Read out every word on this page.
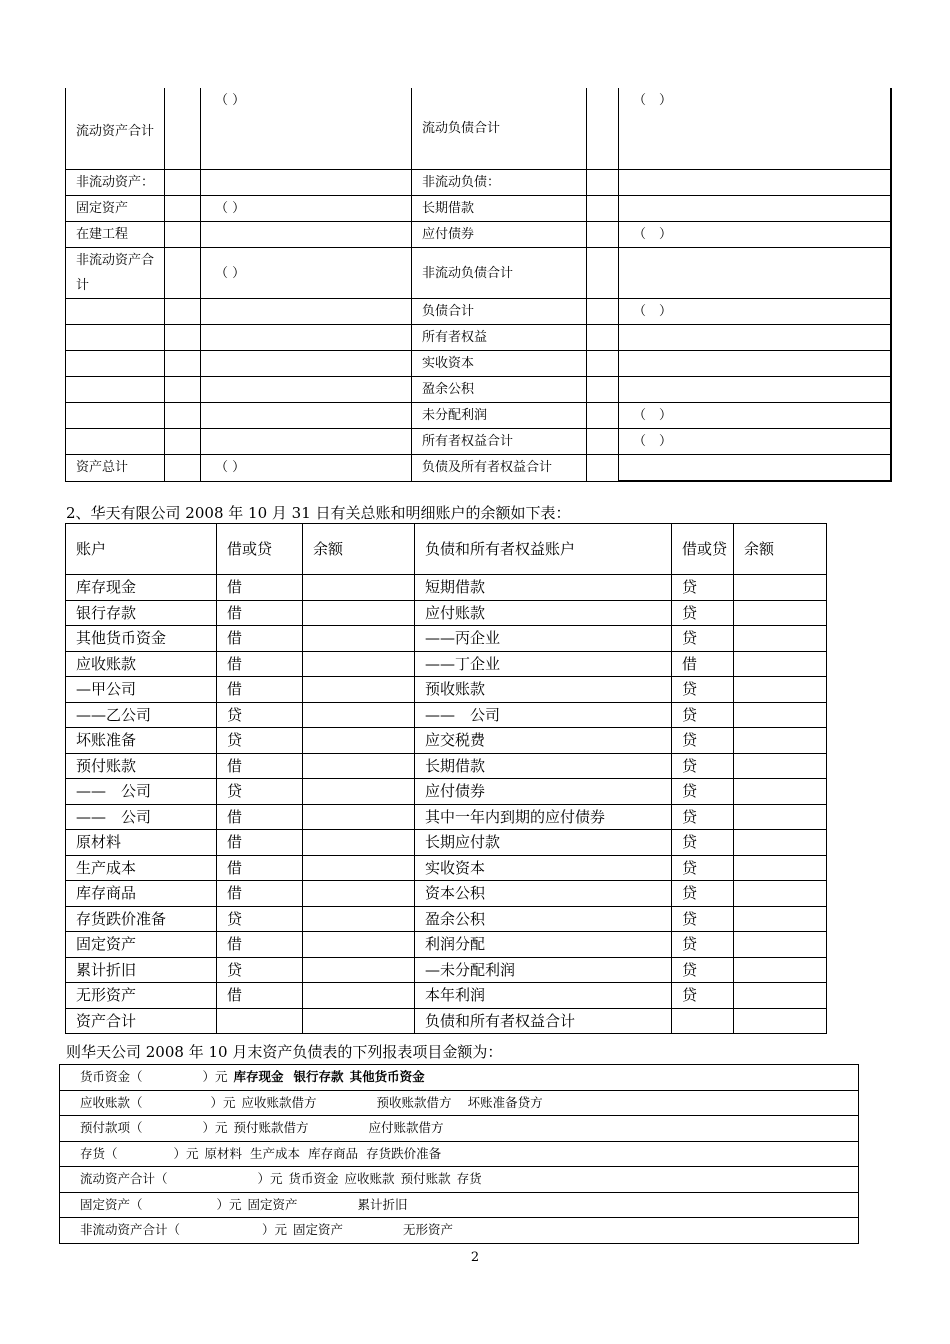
流动资产合计		（ ）	流动负债合计		（　）
非流动资产：			非流动负债：		
固定资产		（ ）	长期借款		
在建工程			应付债券		（　）
非流动资产合计		（ ）	非流动负债合计		
			负债合计		（　）
			所有者权益		
			实收资本		
			盈余公积		
			未分配利润		（　）
			所有者权益合计		（　）
资产总计		（ ）	负债及所有者权益合计		
2、华天有限公司 2008 年 10 月 31 日有关总账和明细账户的余额如下表：
账户	借或贷	余额	负债和所有者权益账户	借或贷	余额
库存现金	借		短期借款	贷	
银行存款	借		应付账款	贷	
其他货币资金	借		——丙企业	贷	
应收账款	借		——丁企业	借	
—甲公司	借		预收账款	贷	
——乙公司	贷		——　公司	贷	
坏账准备	贷		应交税费	贷	
预付账款	借		长期借款	贷	
——　公司	贷		应付债券	贷	
——　公司	借		其中一年内到期的应付债券	贷	
原材料	借		长期应付款	贷	
生产成本	借		实收资本	贷	
库存商品	借		资本公积	贷	
存货跌价准备	贷		盈余公积	贷	
固定资产	借		利润分配	贷	
累计折旧	贷		—未分配利润	贷	
无形资产	借		本年利润	贷	
资产合计			负债和所有者权益合计		
则华天公司 2008 年 10 月末资产负债表的下列报表项目金额为：
货币资金（	）元 库存现金 银行存款 其他货币资金
应收账款（	）元 应收账款借方	预收账款借方 坏账准备贷方
预付款项（	）元 预付账款借方	应付账款借方
存货（	）元 原材料 生产成本 库存商品 存货跌价准备
流动资产合计（	）元 货币资金 应收账款 预付账款 存货
固定资产（	）元 固定资产	累计折旧
非流动资产合计（	）元 固定资产	无形资产
2
